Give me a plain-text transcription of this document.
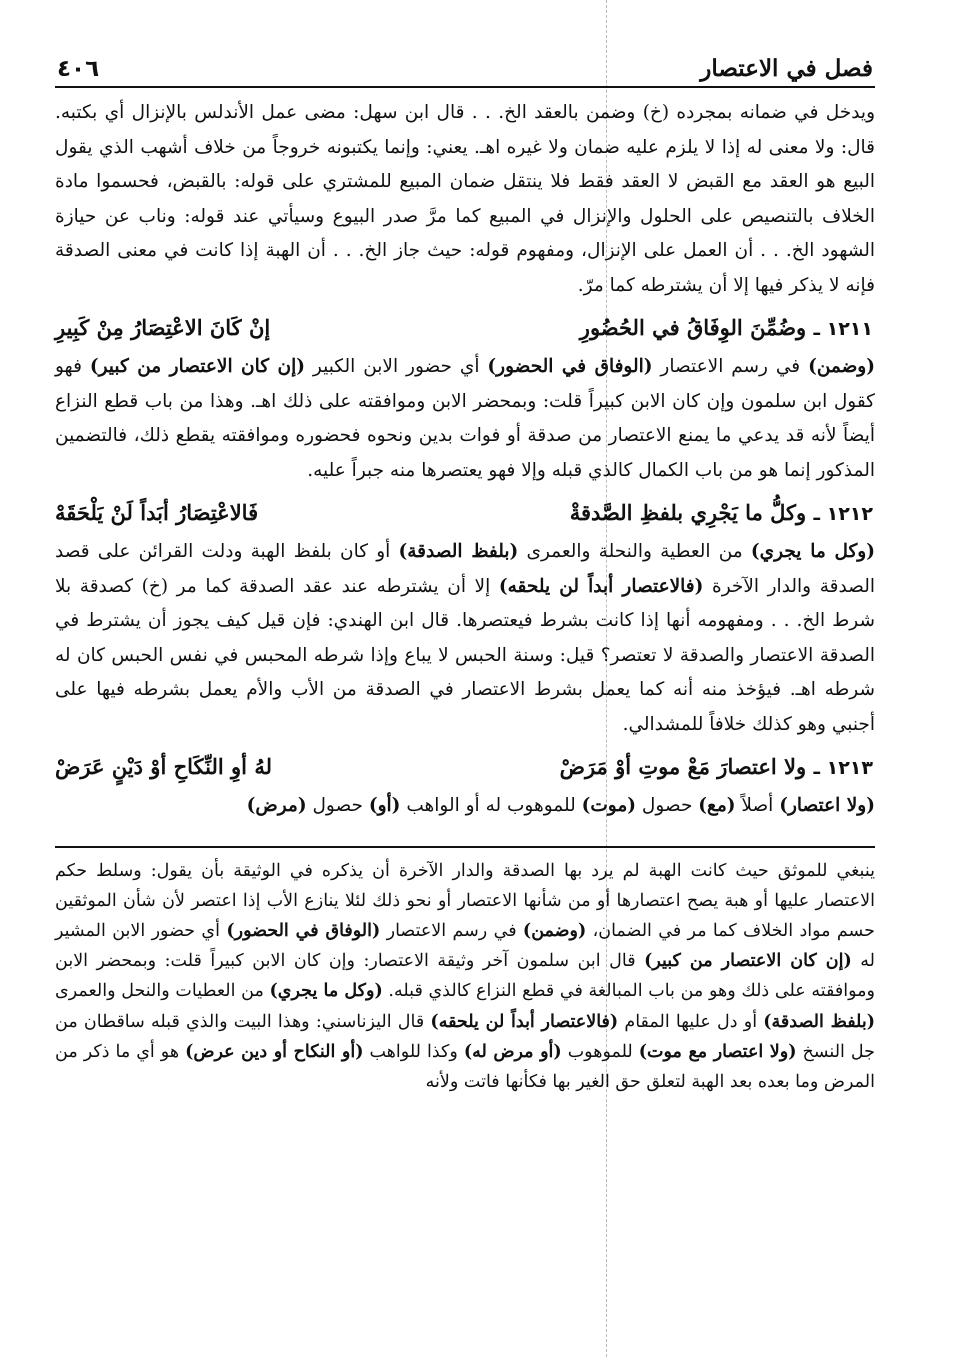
فصل في الاعتصار
٤٠٦

ويدخل في ضمانه بمجرده (خ) وضمن بالعقد الخ. . . قال ابن سهل: مضى عمل الأندلس بالإنزال أي بكتبه. قال: ولا معنى له إذا لا يلزم عليه ضمان ولا غيره اهـ. يعني: وإنما يكتبونه خروجاً من خلاف أشهب الذي يقول البيع هو العقد مع القبض لا العقد فقط فلا ينتقل ضمان المبيع للمشتري على قوله: بالقبض، فحسموا مادة الخلاف بالتنصيص على الحلول والإنزال في المبيع كما مرَّ صدر البيوع وسيأتي عند قوله: وناب عن حيازة الشهود الخ. . . أن العمل على الإنزال، ومفهوم قوله: حيث جاز الخ. . . أن الهبة إذا كانت في معنى الصدقة فإنه لا يذكر فيها إلا أن يشترطه كما مرّ.

١٢١١ ـ وضُمِّنَ الوِفَاقُ في الحُضُورِ
إنْ كَانَ الاعْتِصَارُ مِنْ كَبِيرِ

(وضمن) في رسم الاعتصار (الوفاق في الحضور) أي حضور الابن الكبير (إن كان الاعتصار من كبير) فهو كقول ابن سلمون وإن كان الابن كبيراً قلت: وبمحضر الابن وموافقته على ذلك اهـ. وهذا من باب قطع النزاع أيضاً لأنه قد يدعي ما يمنع الاعتصار من صدقة أو فوات بدين ونحوه فحضوره وموافقته يقطع ذلك، فالتضمين المذكور إنما هو من باب الكمال كالذي قبله وإلا فهو يعتصرها منه جبراً عليه.

١٢١٢ ـ وكلُّ ما يَجْرِي بلفظِ الصَّدقةْ
فَالاعْتِصَارُ أبَداً لَنْ يَلْحَقَهْ

(وكل ما يجري) من العطية والنحلة والعمرى (بلفظ الصدقة) أو كان بلفظ الهبة ودلت القرائن على قصد الصدقة والدار الآخرة (فالاعتصار أبداً لن يلحقه) إلا أن يشترطه عند عقد الصدقة كما مر (خ) كصدقة بلا شرط الخ. . . ومفهومه أنها إذا كانت بشرط فيعتصرها. قال ابن الهندي: فإن قيل كيف يجوز أن يشترط في الصدقة الاعتصار والصدقة لا تعتصر؟ قيل: وسنة الحبس لا يباع وإذا شرطه المحبس في نفس الحبس كان له شرطه اهـ. فيؤخذ منه أنه كما يعمل بشرط الاعتصار في الصدقة من الأب والأم يعمل بشرطه فيها على أجنبي وهو كذلك خلافاً للمشدالي.

١٢١٣ ـ ولا اعتصارَ مَعْ موتِ أوْ مَرَضْ
لهُ أوِ النِّكَاحِ أوْ دَيْنٍ عَرَضْ

(ولا اعتصار) أصلاً (مع) حصول (موت) للموهوب له أو الواهب (أو) حصول (مرض)

ينبغي للموثق حيث كانت الهبة لم يرد بها الصدقة والدار الآخرة أن يذكره في الوثيقة بأن يقول: وسلط حكم الاعتصار عليها أو هبة يصح اعتصارها أو من شأنها الاعتصار أو نحو ذلك لئلا ينازع الأب إذا اعتصر لأن شأن الموثقين حسم مواد الخلاف كما مر في الضمان، (وضمن) في رسم الاعتصار (الوفاق في الحضور) أي حضور الابن المشير له (إن كان الاعتصار من كبير) قال ابن سلمون آخر وثيقة الاعتصار: وإن كان الابن كبيراً قلت: وبمحضر الابن وموافقته على ذلك وهو من باب المبالغة في قطع النزاع كالذي قبله. (وكل ما يجري) من العطيات والنحل والعمرى (بلفظ الصدقة) أو دل عليها المقام (فالاعتصار أبداً لن يلحقه) قال اليزناسني: وهذا البيت والذي قبله ساقطان من جل النسخ (ولا اعتصار مع موت) للموهوب (أو مرض له) وكذا للواهب (أو النكاح أو دين عرض) هو أي ما ذكر من المرض وما بعده بعد الهبة لتعلق حق الغير بها فكأنها فاتت ولأنه
